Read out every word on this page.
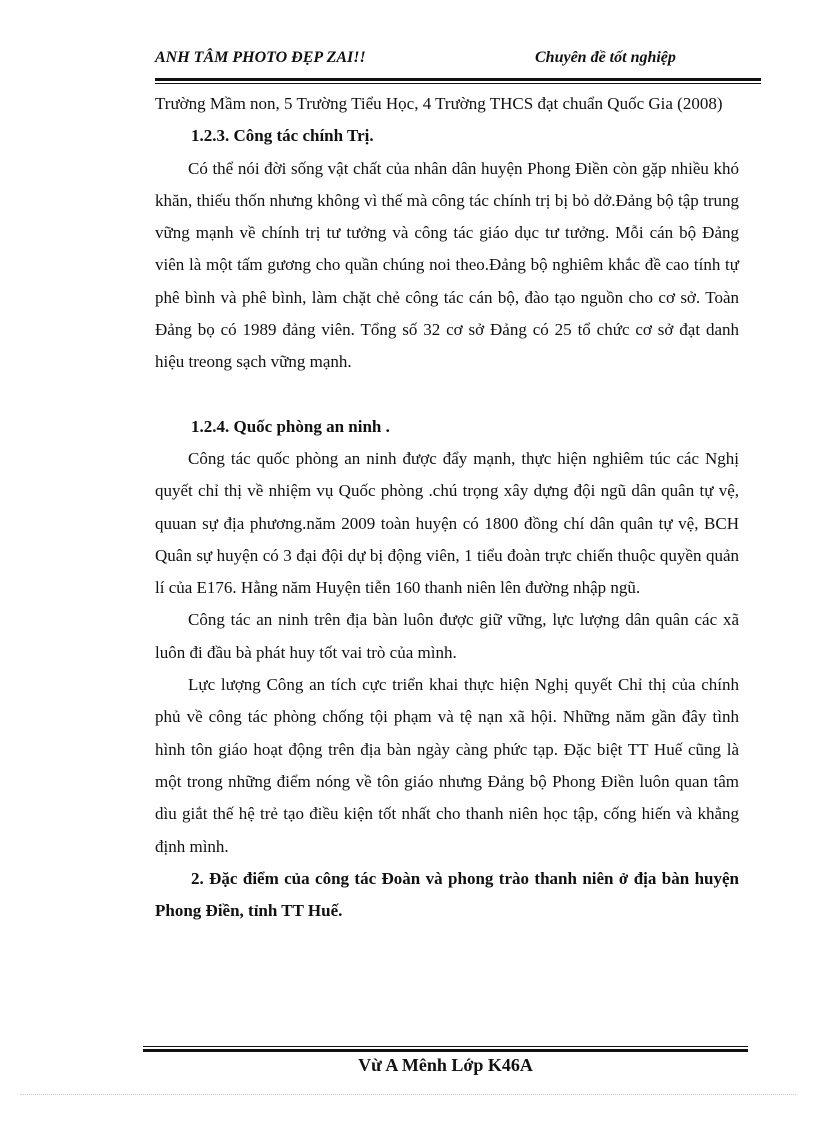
ANH TÂM PHOTO ĐẸP ZAI!!	Chuyên đề tốt nghiệp

Trường Mầm non, 5 Trường Tiểu Học, 4 Trường THCS đạt chuẩn Quốc Gia (2008)

1.2.3. Công tác chính Trị.

Có thể nói đời sống vật chất của nhân dân huyện Phong Điền còn gặp nhiều khó khăn, thiếu thốn nhưng không vì thế mà công tác chính trị bị bỏ dở.Đảng bộ tập trung vững mạnh về chính trị tư tưởng và công tác giáo dục tư tưởng. Mỗi cán bộ Đảng viên là một tấm gương cho quần chúng noi theo.Đảng bộ nghiêm khắc đề cao tính tự phê bình và phê bình, làm chặt chẻ công tác cán bộ, đào tạo nguồn cho cơ sở. Toàn Đảng bọ có 1989 đảng viên. Tổng số 32 cơ sở Đảng có 25 tổ chức cơ sở đạt danh hiệu treong sạch vững mạnh.

1.2.4. Quốc phòng an ninh .

Công tác quốc phòng an ninh được đẩy mạnh, thực hiện nghiêm túc các Nghị quyết chỉ thị về nhiệm vụ Quốc phòng .chú trọng xây dựng đội ngũ dân quân tự vệ, quuan sự địa phương.năm 2009 toàn huyện có 1800 đồng chí dân quân tự vệ, BCH Quân sự huyện có 3 đại đội dự bị động viên, 1 tiểu đoàn trực chiến thuộc quyền quản lí của E176. Hằng năm Huyện tiễn 160 thanh niên lên đường nhập ngũ.

Công tác an ninh trên địa bàn luôn được giữ vững, lực lượng dân quân các xã luôn đi đầu bà phát huy tốt vai trò của mình.

Lực lượng Công an tích cực triển khai thực hiện Nghị quyết Chỉ thị của chính phủ về công tác phòng chống tội phạm và tệ nạn xã hội. Những năm gần đây tình hình tôn giáo hoạt động trên địa bàn ngày càng phức tạp. Đặc biệt TT Huế cũng là một trong những điểm nóng về tôn giáo nhưng Đảng bộ Phong Điền luôn quan tâm dìu giắt thế hệ trẻ tạo điều kiện tốt nhất cho thanh niên học tập, cống hiến và khẳng định mình.

2. Đặc điểm của công tác Đoàn và phong trào thanh niên ở địa bàn huyện Phong Điền, tỉnh TT Huế.

Vừ A Mênh Lớp K46A
